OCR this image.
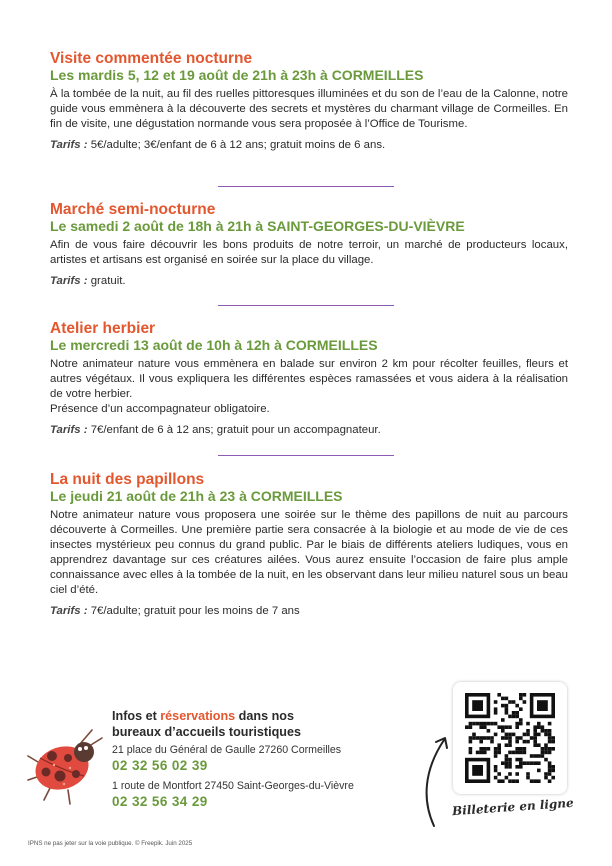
Visite commentée nocturne
Les mardis 5, 12 et 19 août de 21h à 23h à CORMEILLES
À la tombée de la nuit, au fil des ruelles pittoresques illuminées et du son de l’eau de la Calonne, notre guide vous emmènera à la découverte des secrets et mystères du charmant village de Cormeilles. En fin de visite, une dégustation normande vous sera proposée à l’Office de Tourisme.
Tarifs : 5€/adulte; 3€/enfant de 6 à 12 ans; gratuit moins de 6 ans.
Marché semi-nocturne
Le samedi 2 août de 18h à 21h à SAINT-GEORGES-DU-VIÈVRE
Afin de vous faire découvrir les bons produits de notre terroir, un marché de producteurs locaux, artistes et artisans est organisé en soirée sur la place du village.
Tarifs : gratuit.
Atelier herbier
Le mercredi 13 août de 10h à 12h à CORMEILLES
Notre animateur nature vous emmènera en balade sur environ 2 km pour récolter feuilles, fleurs et autres végétaux. Il vous expliquera les différentes espèces ramassées et vous aidera à la réalisation de votre herbier.
Présence d’un accompagnateur obligatoire.
Tarifs : 7€/enfant de 6 à 12 ans; gratuit pour un accompagnateur.
La nuit des papillons
Le jeudi 21 août de 21h à 23 à CORMEILLES
Notre animateur nature vous proposera une soirée sur le thème des papillons de nuit au parcours découverte à Cormeilles. Une première partie sera consacrée à la biologie et au mode de vie de ces insectes mystérieux peu connus du grand public. Par le biais de différents ateliers ludiques, vous en apprendrez davantage sur ces créatures ailées. Vous aurez ensuite l’occasion de faire plus ample connaissance avec elles à la tombée de la nuit, en les observant dans leur milieu naturel sous un beau ciel d’été.
Tarifs : 7€/adulte; gratuit pour les moins de 7 ans
Infos et réservations dans nos
bureaux d’accueils touristiques
21 place du Général de Gaulle 27260 Cormeilles
02 32 56 02 39
1 route de Montfort 27450 Saint-Georges-du-Vièvre
02 32 56 34 29	Billeterie en ligne
IPNS ne pas jeter sur la voie publique. © Freepik. Juin 2025
